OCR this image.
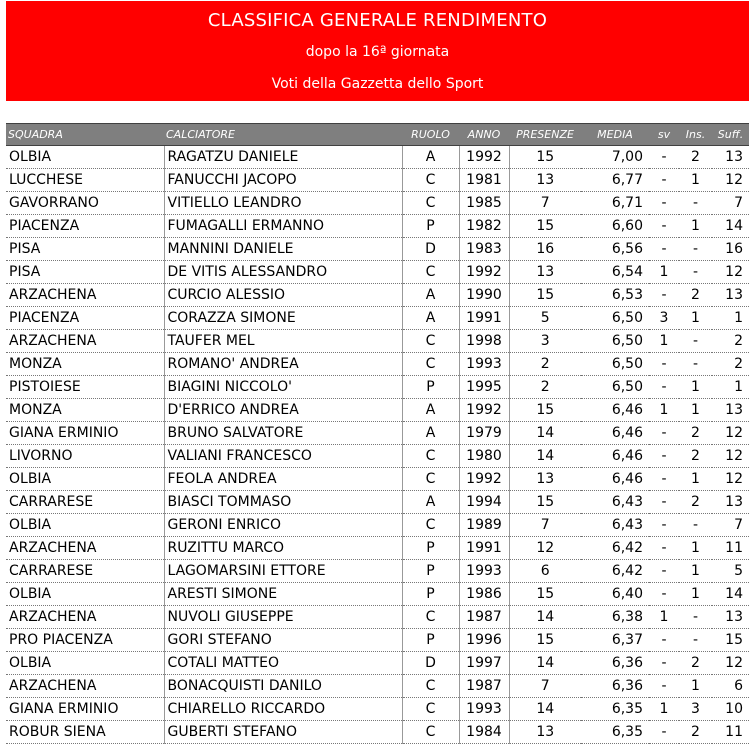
CLASSIFICA GENERALE RENDIMENTO
dopo la 16ª giornata
Voti della Gazzetta dello Sport
SQUADRA	CALCIATORE	RUOLO	ANNO	PRESENZE	MEDIA	sv	Ins.	Suff.
OLBIA	RAGATZU DANIELE	A	1992	15	7,00	-	2	13
LUCCHESE	FANUCCHI JACOPO	C	1981	13	6,77	-	1	12
GAVORRANO	VITIELLO LEANDRO	C	1985	7	6,71	-	-	7
PIACENZA	FUMAGALLI ERMANNO	P	1982	15	6,60	-	1	14
PISA	MANNINI DANIELE	D	1983	16	6,56	-	-	16
PISA	DE VITIS ALESSANDRO	C	1992	13	6,54	1	-	12
ARZACHENA	CURCIO ALESSIO	A	1990	15	6,53	-	2	13
PIACENZA	CORAZZA SIMONE	A	1991	5	6,50	3	1	1
ARZACHENA	TAUFER MEL	C	1998	3	6,50	1	-	2
MONZA	ROMANO' ANDREA	C	1993	2	6,50	-	-	2
PISTOIESE	BIAGINI NICCOLO'	P	1995	2	6,50	-	1	1
MONZA	D'ERRICO ANDREA	A	1992	15	6,46	1	1	13
GIANA ERMINIO	BRUNO SALVATORE	A	1979	14	6,46	-	2	12
LIVORNO	VALIANI FRANCESCO	C	1980	14	6,46	-	2	12
OLBIA	FEOLA ANDREA	C	1992	13	6,46	-	1	12
CARRARESE	BIASCI TOMMASO	A	1994	15	6,43	-	2	13
OLBIA	GERONI ENRICO	C	1989	7	6,43	-	-	7
ARZACHENA	RUZITTU MARCO	P	1991	12	6,42	-	1	11
CARRARESE	LAGOMARSINI ETTORE	P	1993	6	6,42	-	1	5
OLBIA	ARESTI SIMONE	P	1986	15	6,40	-	1	14
ARZACHENA	NUVOLI GIUSEPPE	C	1987	14	6,38	1	-	13
PRO PIACENZA	GORI STEFANO	P	1996	15	6,37	-	-	15
OLBIA	COTALI MATTEO	D	1997	14	6,36	-	2	12
ARZACHENA	BONACQUISTI DANILO	C	1987	7	6,36	-	1	6
GIANA ERMINIO	CHIARELLO RICCARDO	C	1993	14	6,35	1	3	10
ROBUR SIENA	GUBERTI STEFANO	C	1984	13	6,35	-	2	11
